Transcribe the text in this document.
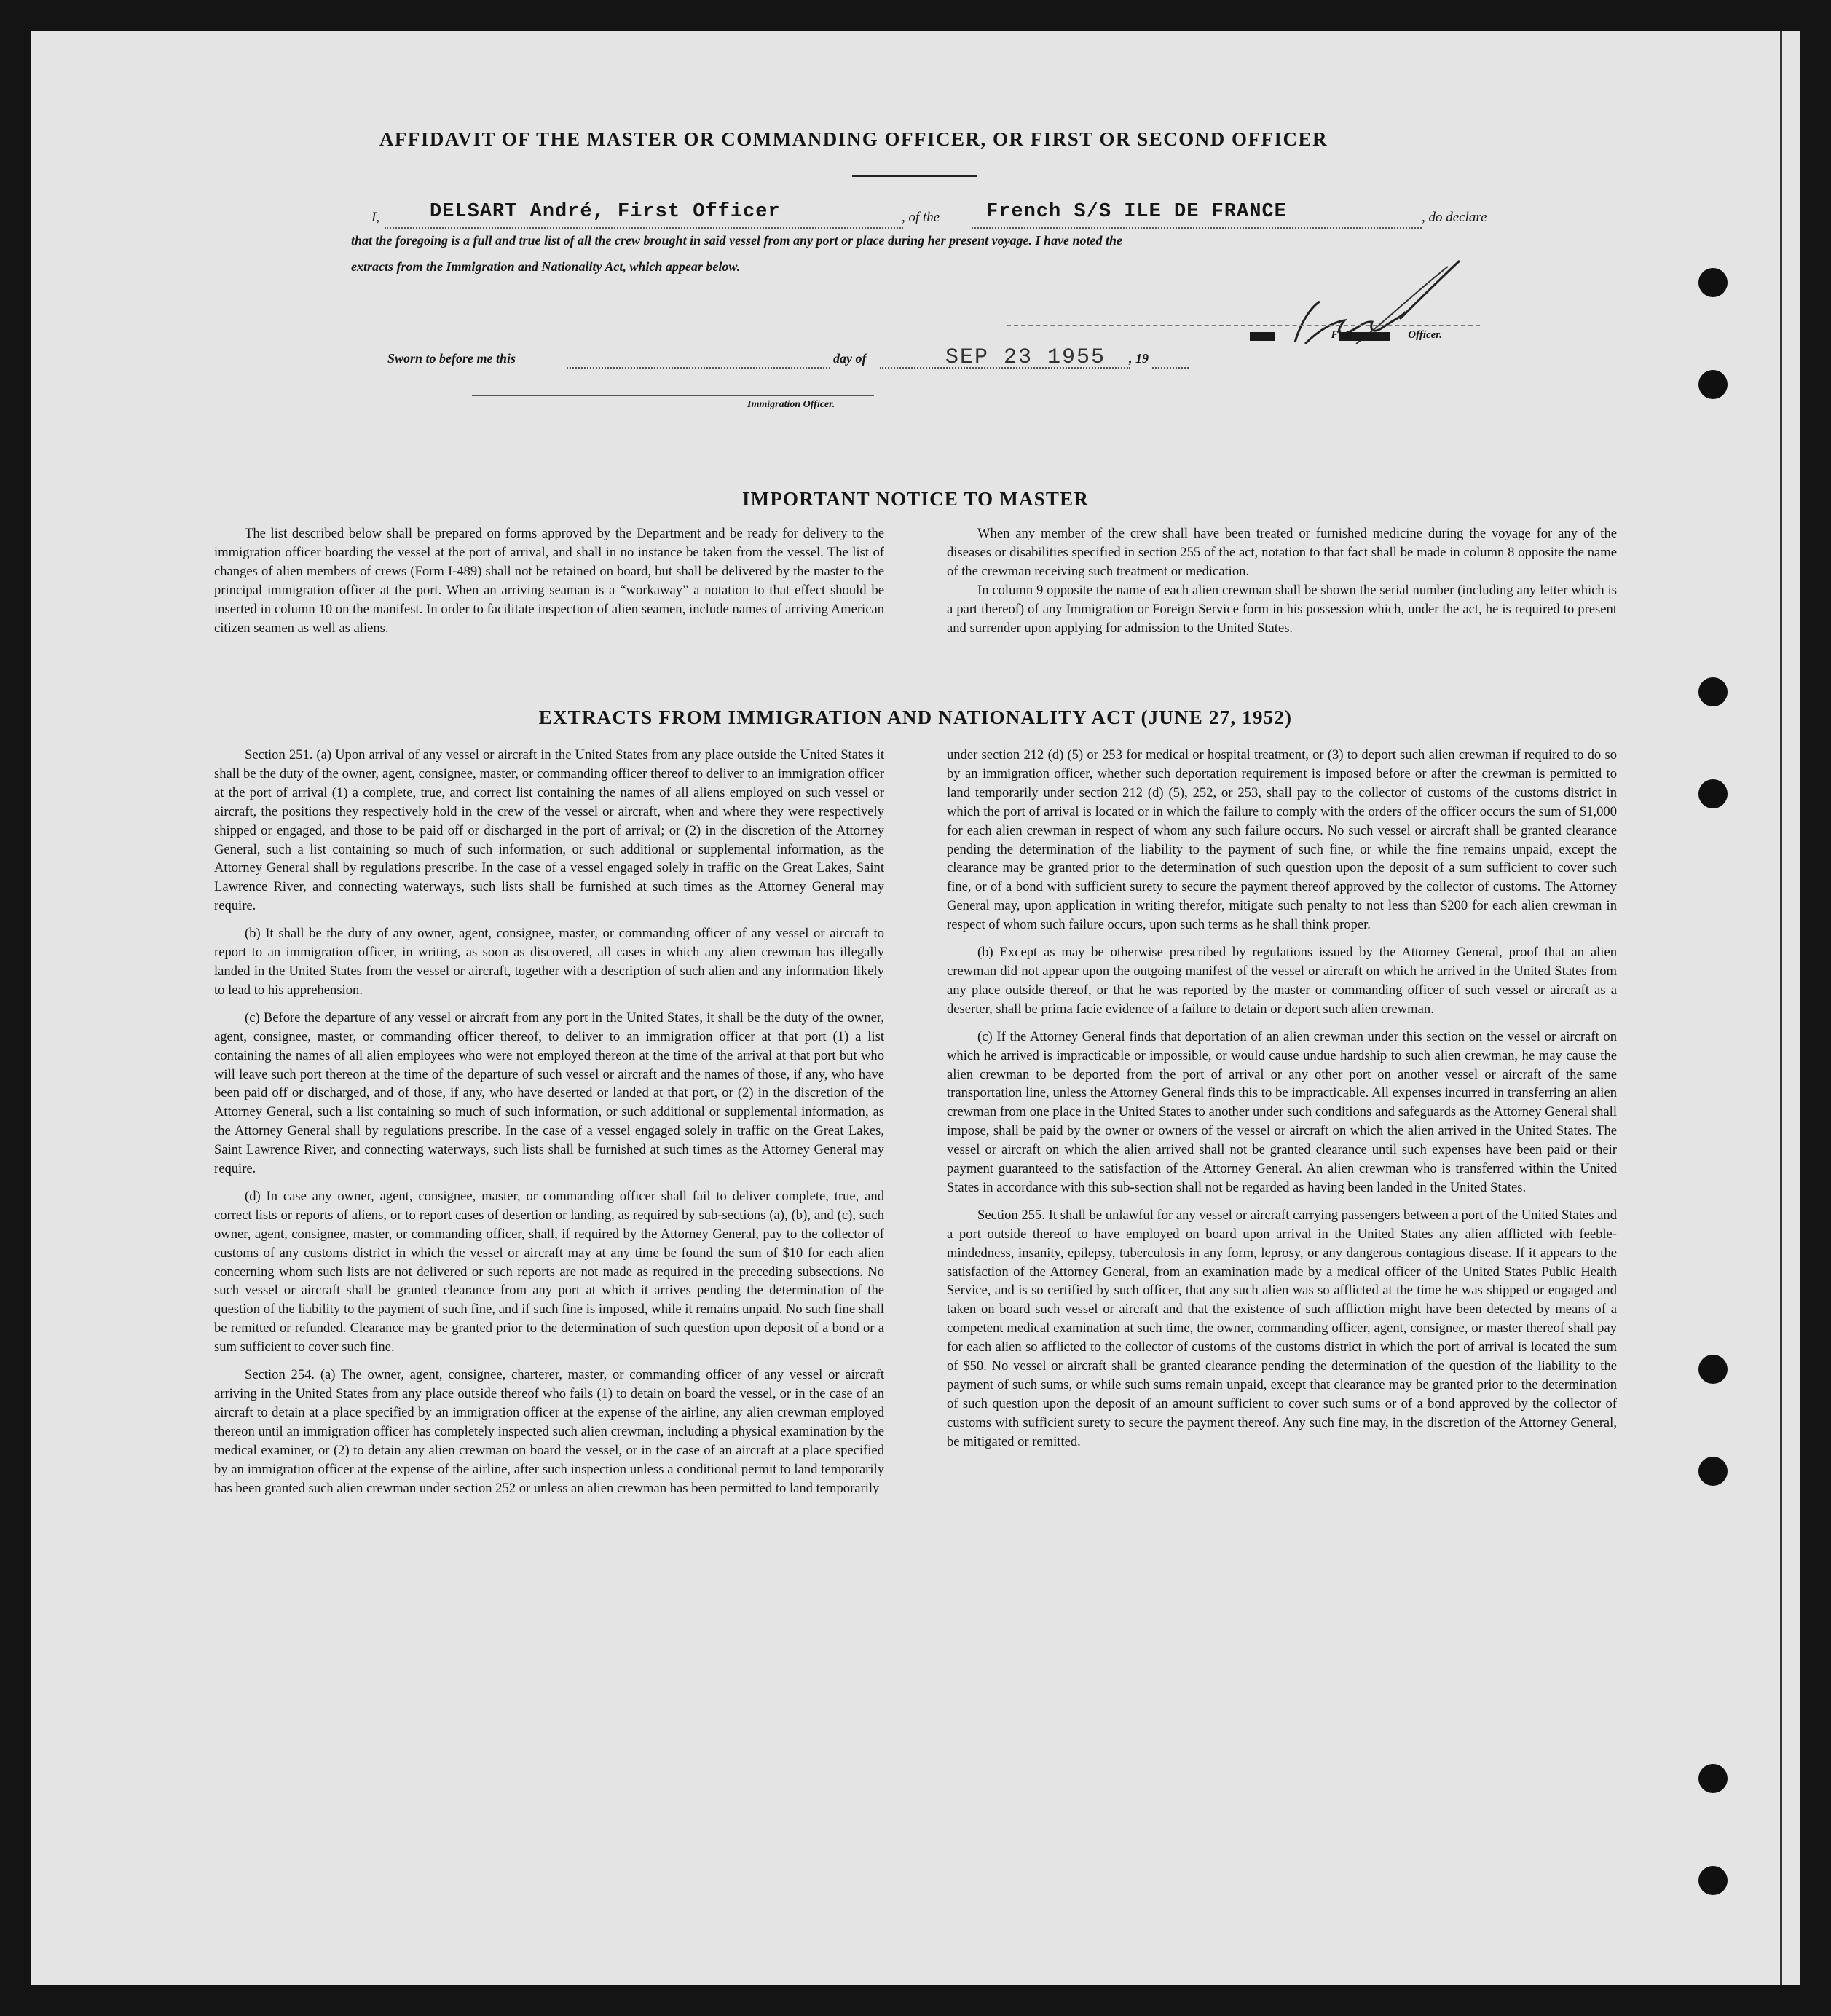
AFFIDAVIT OF THE MASTER OR COMMANDING OFFICER, OR FIRST OR SECOND OFFICER
I,	DELSART André, First Officer	, of the French S/S ILE DE FRANCE	, do declare
that the foregoing is a full and true list of all the crew brought in said vessel from any port or place during her present voyage. I have noted the
extracts from the Immigration and Nationality Act, which appear below.
, First Officer.
Sworn to before me this	day of	SEP 23 1955 , 19
Immigration Officer.
IMPORTANT NOTICE TO MASTER

The list described below shall be prepared on forms approved by the Department and be ready for delivery to the immigration officer boarding the vessel at the port of arrival, and shall in no instance be taken from the vessel. The list of changes of alien members of crews (Form I-489) shall not be retained on board, but shall be delivered by the master to the principal immigration officer at the port. When an arriving seaman is a “workaway” a notation to that effect should be inserted in column 10 on the manifest. In order to facilitate inspection of alien seamen, include names of arriving American citizen seamen as well as aliens.

When any member of the crew shall have been treated or furnished medicine during the voyage for any of the diseases or disabilities specified in section 255 of the act, notation to that fact shall be made in column 8 opposite the name of the crewman receiving such treatment or medication.

In column 9 opposite the name of each alien crewman shall be shown the serial number (including any letter which is a part thereof) of any Immigration or Foreign Service form in his possession which, under the act, he is required to present and surrender upon applying for admission to the United States.

EXTRACTS FROM IMMIGRATION AND NATIONALITY ACT (JUNE 27, 1952)

Section 251. (a) Upon arrival of any vessel or aircraft in the United States from any place outside the United States it shall be the duty of the owner, agent, consignee, master, or commanding officer thereof to deliver to an immigration officer at the port of arrival (1) a complete, true, and correct list containing the names of all aliens employed on such vessel or aircraft, the positions they respectively hold in the crew of the vessel or aircraft, when and where they were respectively shipped or engaged, and those to be paid off or discharged in the port of arrival; or (2) in the discretion of the Attorney General, such a list containing so much of such information, or such additional or supplemental information, as the Attorney General shall by regulations prescribe. In the case of a vessel engaged solely in traffic on the Great Lakes, Saint Lawrence River, and connecting waterways, such lists shall be furnished at such times as the Attorney General may require.

(b) It shall be the duty of any owner, agent, consignee, master, or commanding officer of any vessel or aircraft to report to an immigration officer, in writing, as soon as discovered, all cases in which any alien crewman has illegally landed in the United States from the vessel or aircraft, together with a description of such alien and any information likely to lead to his apprehension.

(c) Before the departure of any vessel or aircraft from any port in the United States, it shall be the duty of the owner, agent, consignee, master, or commanding officer thereof, to deliver to an immigration officer at that port (1) a list containing the names of all alien employees who were not employed thereon at the time of the arrival at that port but who will leave such port thereon at the time of the departure of such vessel or aircraft and the names of those, if any, who have been paid off or discharged, and of those, if any, who have deserted or landed at that port, or (2) in the discretion of the Attorney General, such a list containing so much of such information, or such additional or supplemental information, as the Attorney General shall by regulations prescribe. In the case of a vessel engaged solely in traffic on the Great Lakes, Saint Lawrence River, and connecting waterways, such lists shall be furnished at such times as the Attorney General may require.

(d) In case any owner, agent, consignee, master, or commanding officer shall fail to deliver complete, true, and correct lists or reports of aliens, or to report cases of desertion or landing, as required by sub-sections (a), (b), and (c), such owner, agent, consignee, master, or commanding officer, shall, if required by the Attorney General, pay to the collector of customs of any customs district in which the vessel or aircraft may at any time be found the sum of $10 for each alien concerning whom such lists are not delivered or such reports are not made as required in the preceding subsections. No such vessel or aircraft shall be granted clearance from any port at which it arrives pending the determination of the question of the liability to the payment of such fine, and if such fine is imposed, while it remains unpaid. No such fine shall be remitted or refunded. Clearance may be granted prior to the determination of such question upon deposit of a bond or a sum sufficient to cover such fine.

Section 254. (a) The owner, agent, consignee, charterer, master, or commanding officer of any vessel or aircraft arriving in the United States from any place outside thereof who fails (1) to detain on board the vessel, or in the case of an aircraft to detain at a place specified by an immigration officer at the expense of the airline, any alien crewman employed thereon until an immigration officer has completely inspected such alien crewman, including a physical examination by the medical examiner, or (2) to detain any alien crewman on board the vessel, or in the case of an aircraft at a place specified by an immigration officer at the expense of the airline, after such inspection unless a conditional permit to land temporarily has been granted such alien crewman under section 252 or unless an alien crewman has been permitted to land temporarily

under section 212 (d) (5) or 253 for medical or hospital treatment, or (3) to deport such alien crewman if required to do so by an immigration officer, whether such deportation requirement is imposed before or after the crewman is permitted to land temporarily under section 212 (d) (5), 252, or 253, shall pay to the collector of customs of the customs district in which the port of arrival is located or in which the failure to comply with the orders of the officer occurs the sum of $1,000 for each alien crewman in respect of whom any such failure occurs. No such vessel or aircraft shall be granted clearance pending the determination of the liability to the payment of such fine, or while the fine remains unpaid, except the clearance may be granted prior to the determination of such question upon the deposit of a sum sufficient to cover such fine, or of a bond with sufficient surety to secure the payment thereof approved by the collector of customs. The Attorney General may, upon application in writing therefor, mitigate such penalty to not less than $200 for each alien crewman in respect of whom such failure occurs, upon such terms as he shall think proper.

(b) Except as may be otherwise prescribed by regulations issued by the Attorney General, proof that an alien crewman did not appear upon the outgoing manifest of the vessel or aircraft on which he arrived in the United States from any place outside thereof, or that he was reported by the master or commanding officer of such vessel or aircraft as a deserter, shall be prima facie evidence of a failure to detain or deport such alien crewman.

(c) If the Attorney General finds that deportation of an alien crewman under this section on the vessel or aircraft on which he arrived is impracticable or impossible, or would cause undue hardship to such alien crewman, he may cause the alien crewman to be deported from the port of arrival or any other port on another vessel or aircraft of the same transportation line, unless the Attorney General finds this to be impracticable. All expenses incurred in transferring an alien crewman from one place in the United States to another under such conditions and safeguards as the Attorney General shall impose, shall be paid by the owner or owners of the vessel or aircraft on which the alien arrived in the United States. The vessel or aircraft on which the alien arrived shall not be granted clearance until such expenses have been paid or their payment guaranteed to the satisfaction of the Attorney General. An alien crewman who is transferred within the United States in accordance with this sub-section shall not be regarded as having been landed in the United States.

Section 255. It shall be unlawful for any vessel or aircraft carrying passengers between a port of the United States and a port outside thereof to have employed on board upon arrival in the United States any alien afflicted with feeble-mindedness, insanity, epilepsy, tuberculosis in any form, leprosy, or any dangerous contagious disease. If it appears to the satisfaction of the Attorney General, from an examination made by a medical officer of the United States Public Health Service, and is so certified by such officer, that any such alien was so afflicted at the time he was shipped or engaged and taken on board such vessel or aircraft and that the existence of such affliction might have been detected by means of a competent medical examination at such time, the owner, commanding officer, agent, consignee, or master thereof shall pay for each alien so afflicted to the collector of customs of the customs district in which the port of arrival is located the sum of $50. No vessel or aircraft shall be granted clearance pending the determination of the question of the liability to the payment of such sums, or while such sums remain unpaid, except that clearance may be granted prior to the determination of such question upon the deposit of an amount sufficient to cover such sums or of a bond approved by the collector of customs with sufficient surety to secure the payment thereof. Any such fine may, in the discretion of the Attorney General, be mitigated or remitted.
